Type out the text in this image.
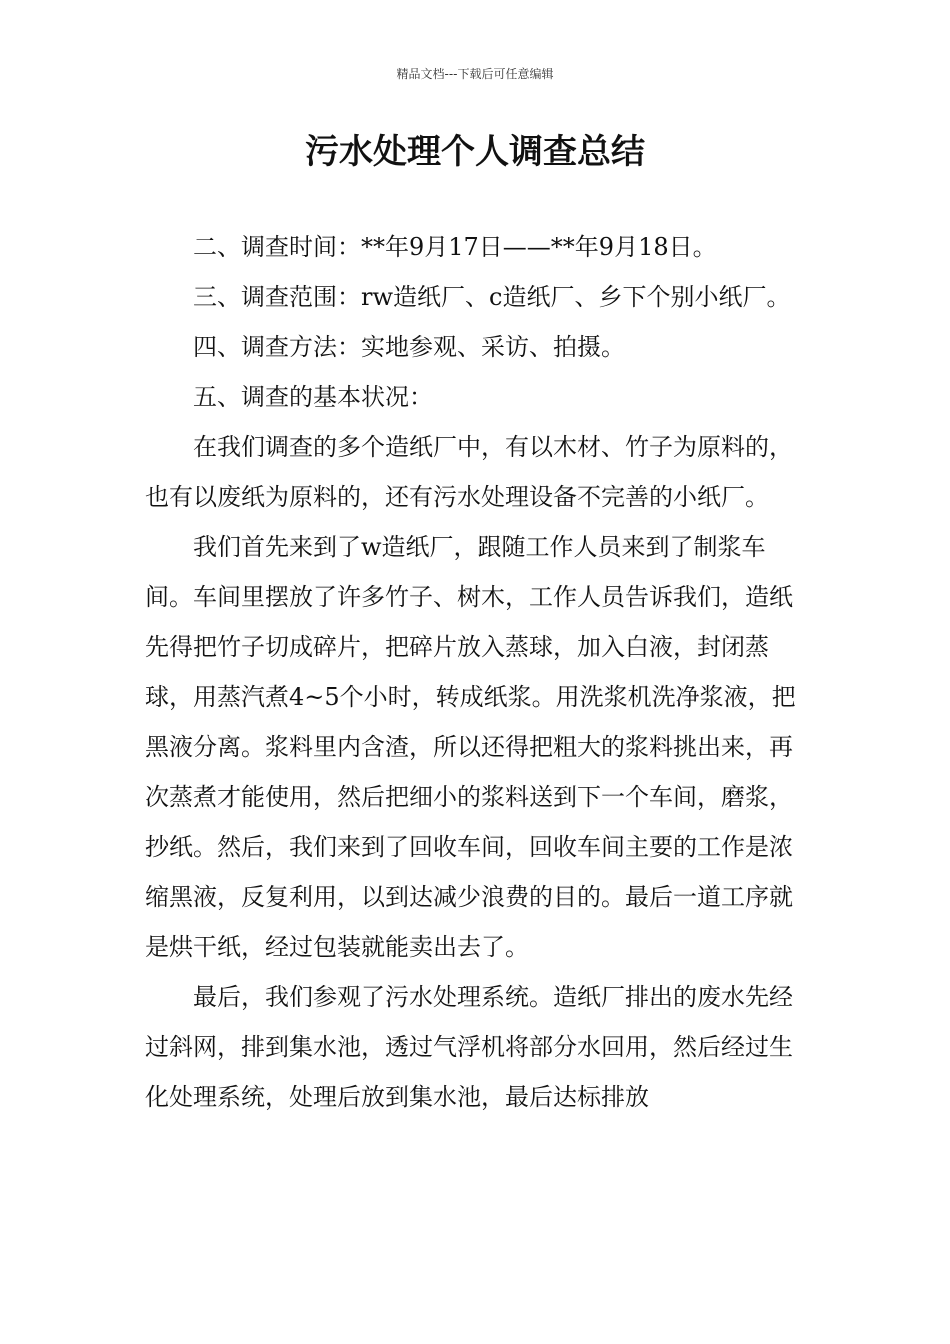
精品文档---下载后可任意编辑
污水处理个人调查总结

二、调查时间：**年9月17日——**年9月18日。

三、调查范围：rw造纸厂、c造纸厂、乡下个别小纸厂。

四、调查方法：实地参观、采访、拍摄。

五、调查的基本状况：

在我们调查的多个造纸厂中，有以木材、竹子为原料的，也有以废纸为原料的，还有污水处理设备不完善的小纸厂。

我们首先来到了w造纸厂，跟随工作人员来到了制浆车间。车间里摆放了许多竹子、树木，工作人员告诉我们，造纸先得把竹子切成碎片，把碎片放入蒸球，加入白液，封闭蒸球，用蒸汽煮4~5个小时，转成纸浆。用洗浆机洗净浆液，把黑液分离。浆料里内含渣，所以还得把粗大的浆料挑出来，再次蒸煮才能使用，然后把细小的浆料送到下一个车间，磨浆，抄纸。然后，我们来到了回收车间，回收车间主要的工作是浓缩黑液，反复利用，以到达减少浪费的目的。最后一道工序就是烘干纸，经过包装就能卖出去了。

最后，我们参观了污水处理系统。造纸厂排出的废水先经过斜网，排到集水池，透过气浮机将部分水回用，然后经过生化处理系统，处理后放到集水池，最后达标排放
